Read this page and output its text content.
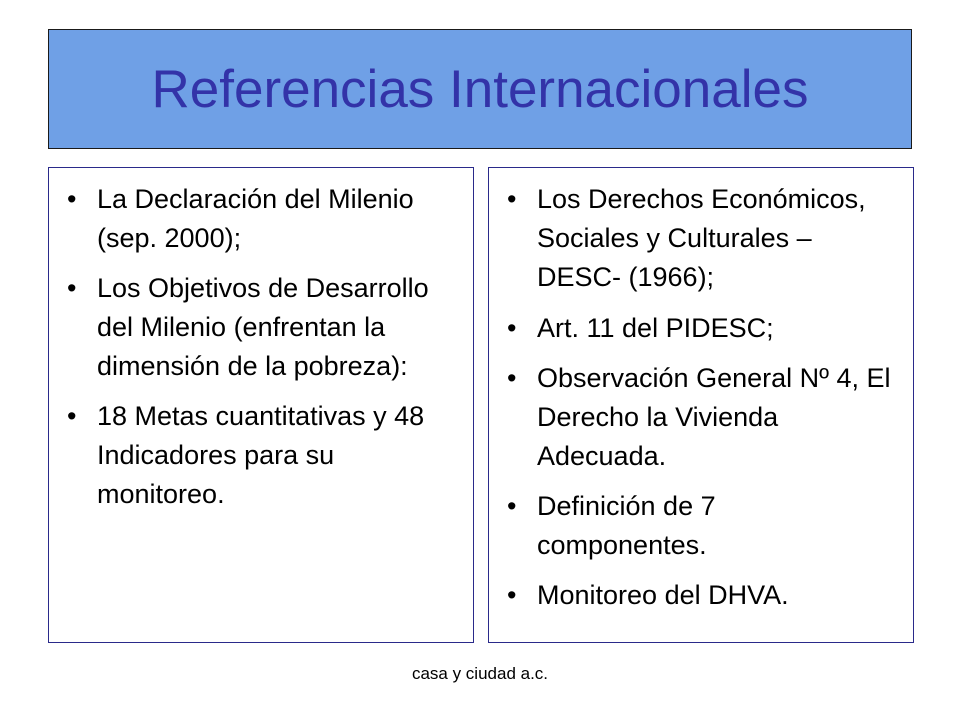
Referencias Internacionales
• La Declaración del Milenio (sep. 2000);
• Los Objetivos de Desarrollo del Milenio (enfrentan la dimensión de la pobreza):
• 18 Metas cuantitativas y 48 Indicadores para su monitoreo.
• Los Derechos Económicos, Sociales y Culturales – DESC- (1966);
• Art. 11 del PIDESC;
• Observación General Nº 4, El Derecho la Vivienda Adecuada.
• Definición de 7 componentes.
• Monitoreo del DHVA.
casa y ciudad a.c.
